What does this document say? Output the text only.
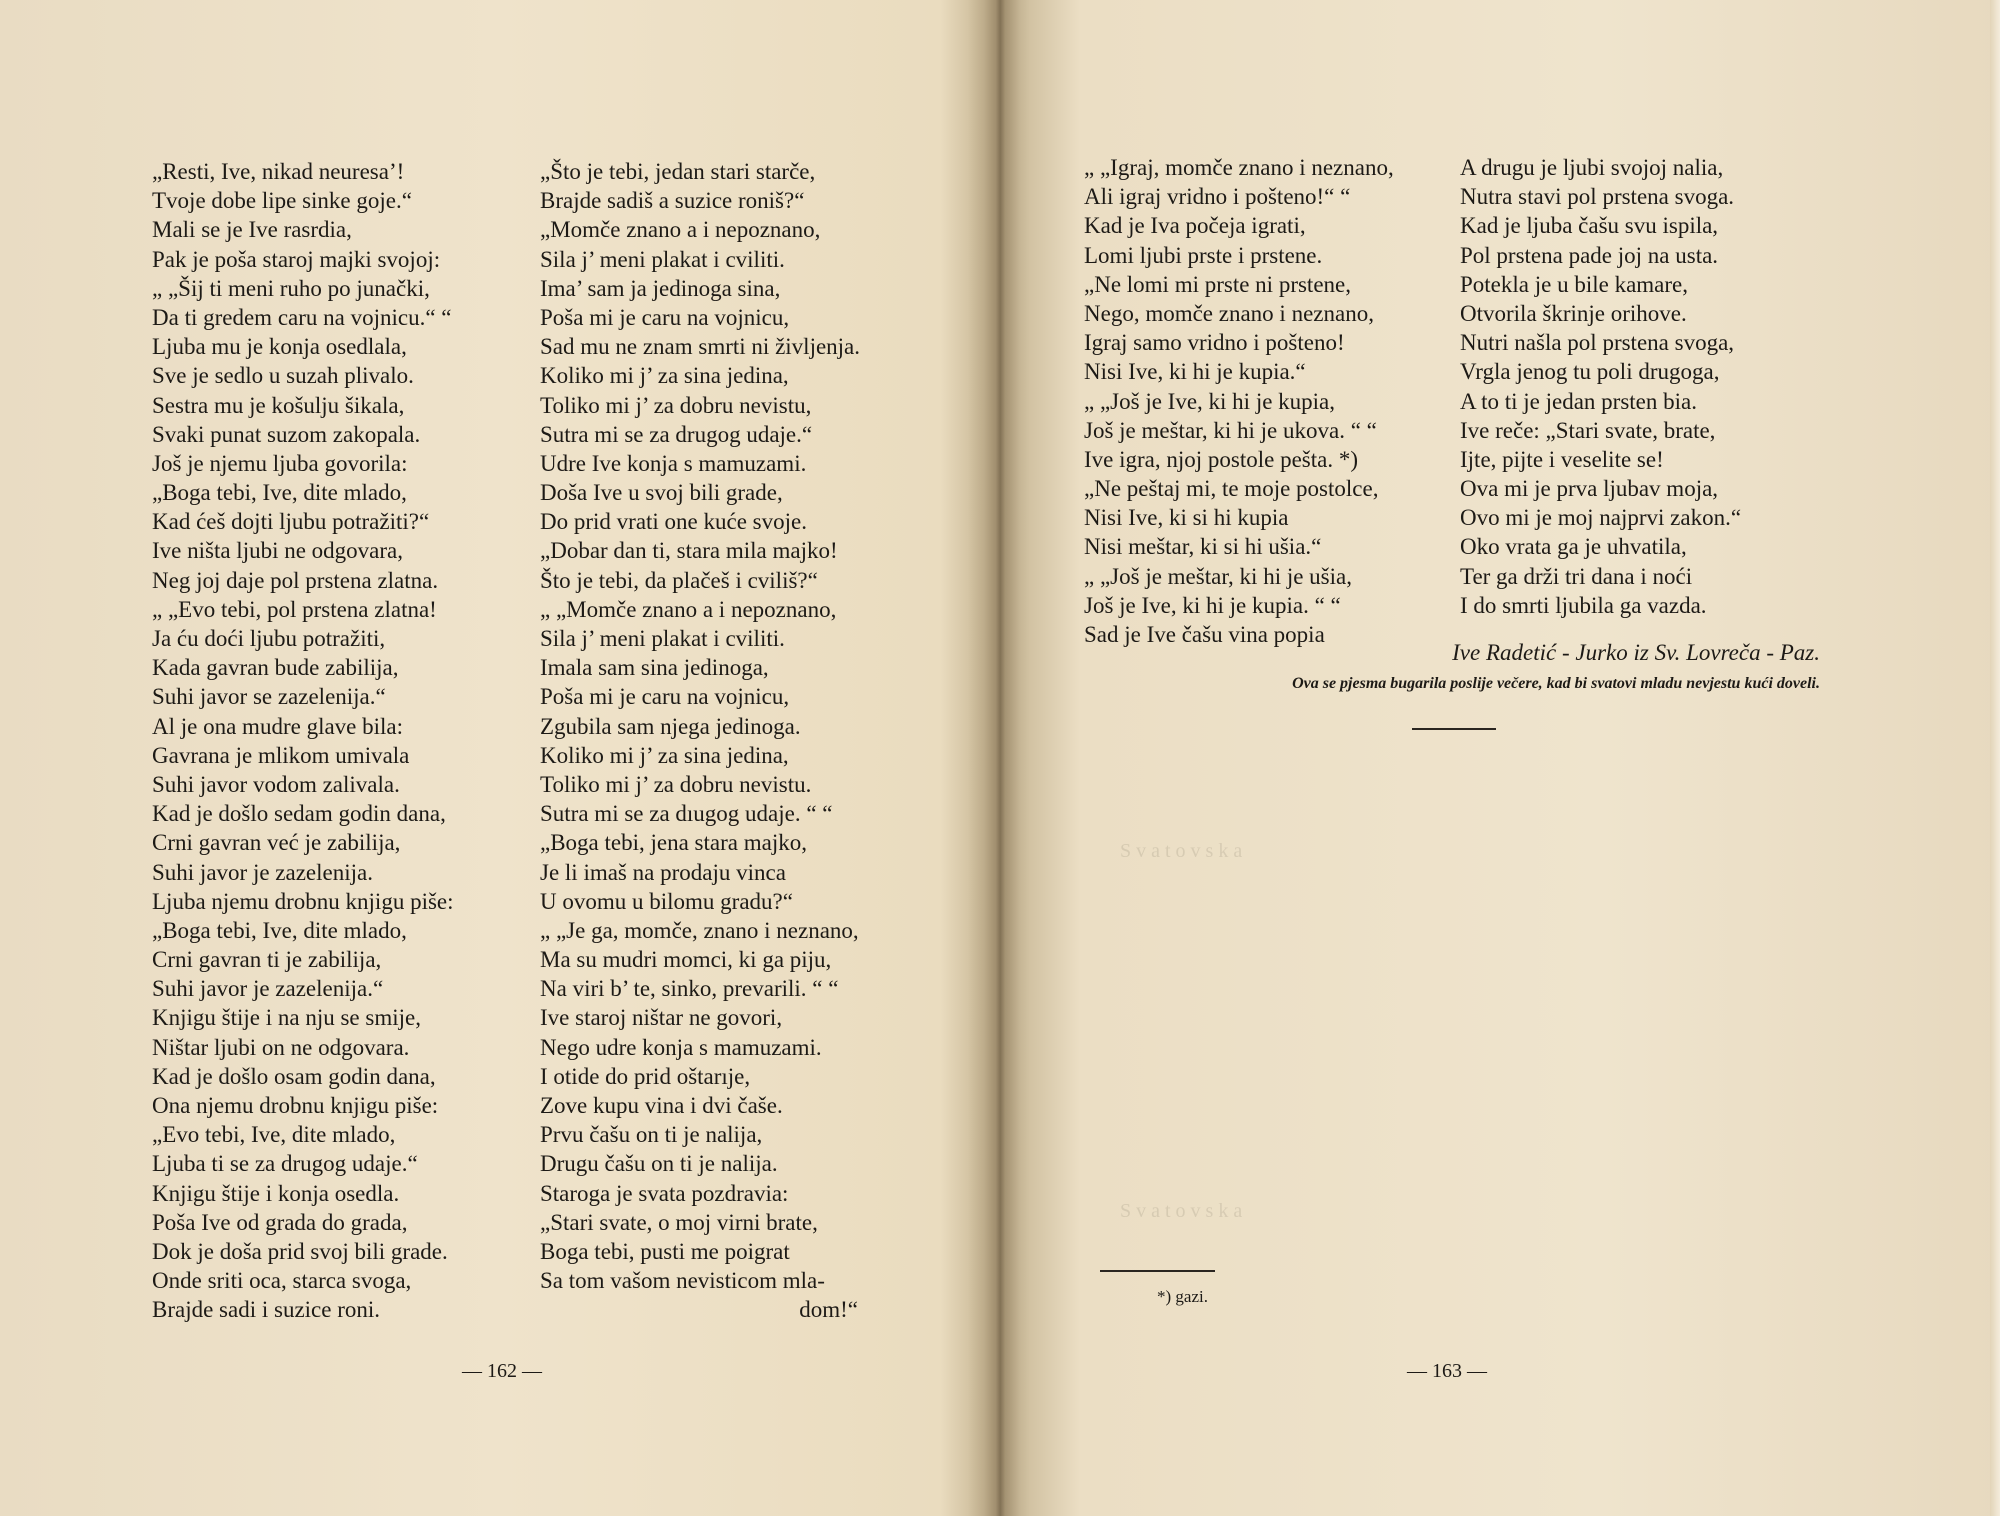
S v a t o v s k a
S v a t o v s k a
„Resti, Ive, nikad neuresa’!
Tvoje dobe lipe sinke goje.“
Mali se je Ive rasrdia,
Pak je poša staroj majki svojoj:
„ „Šij ti meni ruho po junački,
Da ti gredem caru na vojnicu.“ “
Ljuba mu je konja osedlala,
Sve je sedlo u suzah plivalo.
Sestra mu je košulju šikala,
Svaki punat suzom zakopala.
Još je njemu ljuba govorila:
„Boga tebi, Ive, dite mlado,
Kad ćeš dojti ljubu potražiti?“
Ive ništa ljubi ne odgovara,
Neg joj daje pol prstena zlatna.
„ „Evo tebi, pol prstena zlatna!
Ja ću doći ljubu potražiti,
Kada gavran bude zabilija,
Suhi javor se zazelenija.“
Al je ona mudre glave bila:
Gavrana je mlikom umivala
Suhi javor vodom zalivala.
Kad je došlo sedam godin dana,
Crni gavran već je zabilija,
Suhi javor je zazelenija.
Ljuba njemu drobnu knjigu piše:
„Boga tebi, Ive, dite mlado,
Crni gavran ti je zabilija,
Suhi javor je zazelenija.“
Knjigu štije i na nju se smije,
Ništar ljubi on ne odgovara.
Kad je došlo osam godin dana,
Ona njemu drobnu knjigu piše:
„Evo tebi, Ive, dite mlado,
Ljuba ti se za drugog udaje.“
Knjigu štije i konja osedla.
Poša Ive od grada do grada,
Dok je doša prid svoj bili grade.
Onde sriti oca, starca svoga,
Brajde sadi i suzice roni.
„Što je tebi, jedan stari starče,
Brajde sadiš a suzice roniš?“
„Momče znano a i nepoznano,
Sila j’ meni plakat i cviliti.
Ima’ sam ja jedinoga sina,
Poša mi je caru na vojnicu,
Sad mu ne znam smrti ni življenja.
Koliko mi j’ za sina jedina,
Toliko mi j’ za dobru nevistu,
Sutra mi se za drugog udaje.“
Udre Ive konja s mamuzami.
Doša Ive u svoj bili grade,
Do prid vrati one kuće svoje.
„Dobar dan ti, stara mila majko!
Što je tebi, da plačeš i cviliš?“
„ „Momče znano a i nepoznano,
Sila j’ meni plakat i cviliti.
Imala sam sina jedinoga,
Poša mi je caru na vojnicu,
Zgubila sam njega jedinoga.
Koliko mi j’ za sina jedina,
Toliko mi j’ za dobru nevistu.
Sutra mi se za dıugog udaje. “ “
„Boga tebi, jena stara majko,
Je li imaš na prodaju vinca
U ovomu u bilomu gradu?“
„ „Je ga, momče, znano i neznano,
Ma su mudri momci, ki ga piju,
Na viri b’ te, sinko, prevarili. “ “
Ive staroj ništar ne govori,
Nego udre konja s mamuzami.
I otide do prid oštarıje,
Zove kupu vina i dvi čaše.
Prvu čašu on ti je nalija,
Drugu čašu on ti je nalija.
Staroga je svata pozdravia:
„Stari svate, o moj virni brate,
Boga tebi, pusti me poigrat
Sa tom vašom nevisticom mla-
dom!“
„ „Igraj, momče znano i neznano,
Ali igraj vridno i pošteno!“ “
Kad je Iva počeja igrati,
Lomi ljubi prste i prstene.
„Ne lomi mi prste ni prstene,
Nego, momče znano i neznano,
Igraj samo vridno i pošteno!
Nisi Ive, ki hi je kupia.“
„ „Još je Ive, ki hi je kupia,
Još je meštar, ki hi je ukova. “ “
Ive igra, njoj postole pešta. *)
„Ne peštaj mi, te moje postolce,
Nisi Ive, ki si hi kupia
Nisi meštar, ki si hi ušia.“
„ „Još je meštar, ki hi je ušia,
Još je Ive, ki hi je kupia. “ “
Sad je Ive čašu vina popia
A drugu je ljubi svojoj nalia,
Nutra stavi pol prstena svoga.
Kad je ljuba čašu svu ispila,
Pol prstena pade joj na usta.
Potekla je u bile kamare,
Otvorila škrinje orihove.
Nutri našla pol prstena svoga,
Vrgla jenog tu poli drugoga,
A to ti je jedan prsten bia.
Ive reče: „Stari svate, brate,
Ijte, pijte i veselite se!
Ova mi je prva ljubav moja,
Ovo mi je moj najprvi zakon.“
Oko vrata ga je uhvatila,
Ter ga drži tri dana i noći
I do smrti ljubila ga vazda.
Ive Radetić - Jurko iz Sv. Lovreča - Paz.
Ova se pjesma bugarila poslije večere, kad bi svatovi mladu nevjestu kući doveli.
*) gazi.
— 162 —	— 163 —
